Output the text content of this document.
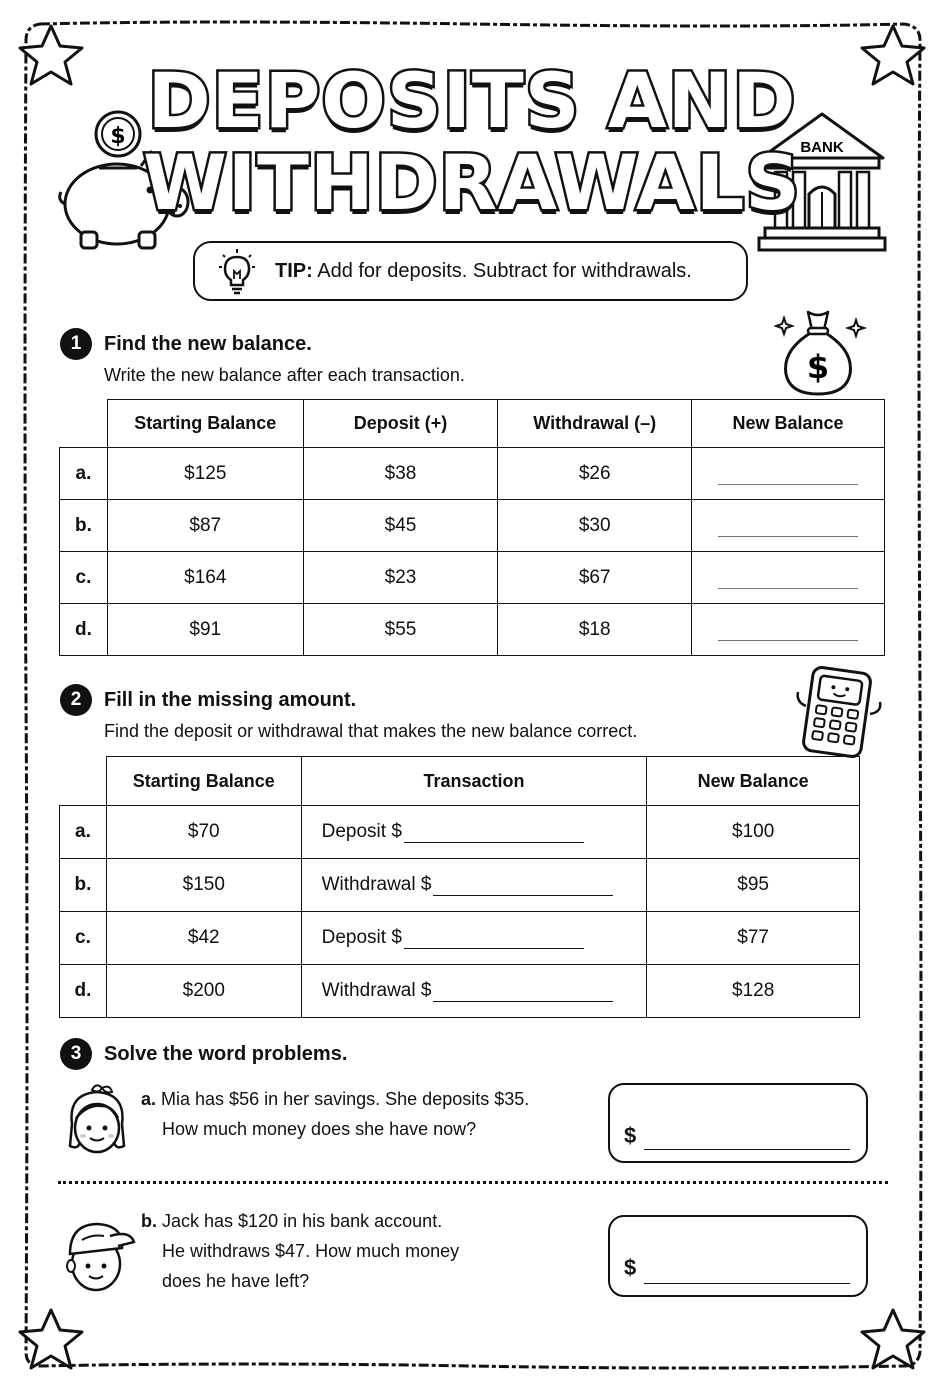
$	BANK
DEPOSITS AND
WITHDRAWALS
TIP: Add for deposits. Subtract for withdrawals.
1	Find the new balance.
Write the new balance after each transaction.	$
	Starting Balance	Deposit (+)	Withdrawal (–)	New Balance
a.	$125	$38	$26	
b.	$87	$45	$30	
c.	$164	$23	$67	
d.	$91	$55	$18	
2	Fill in the missing amount.
Find the deposit or withdrawal that makes the new balance correct.
	Starting Balance	Transaction	New Balance
a.	$70	Deposit $	$100
b.	$150	Withdrawal $	$95
c.	$42	Deposit $	$77
d.	$200	Withdrawal $	$128
3	Solve the word problems.
a. Mia has $56 in her savings. She deposits $35.
How much money does she have now?	$
b. Jack has $120 in his bank account.
He withdraws $47. How much money
does he have left?
$
